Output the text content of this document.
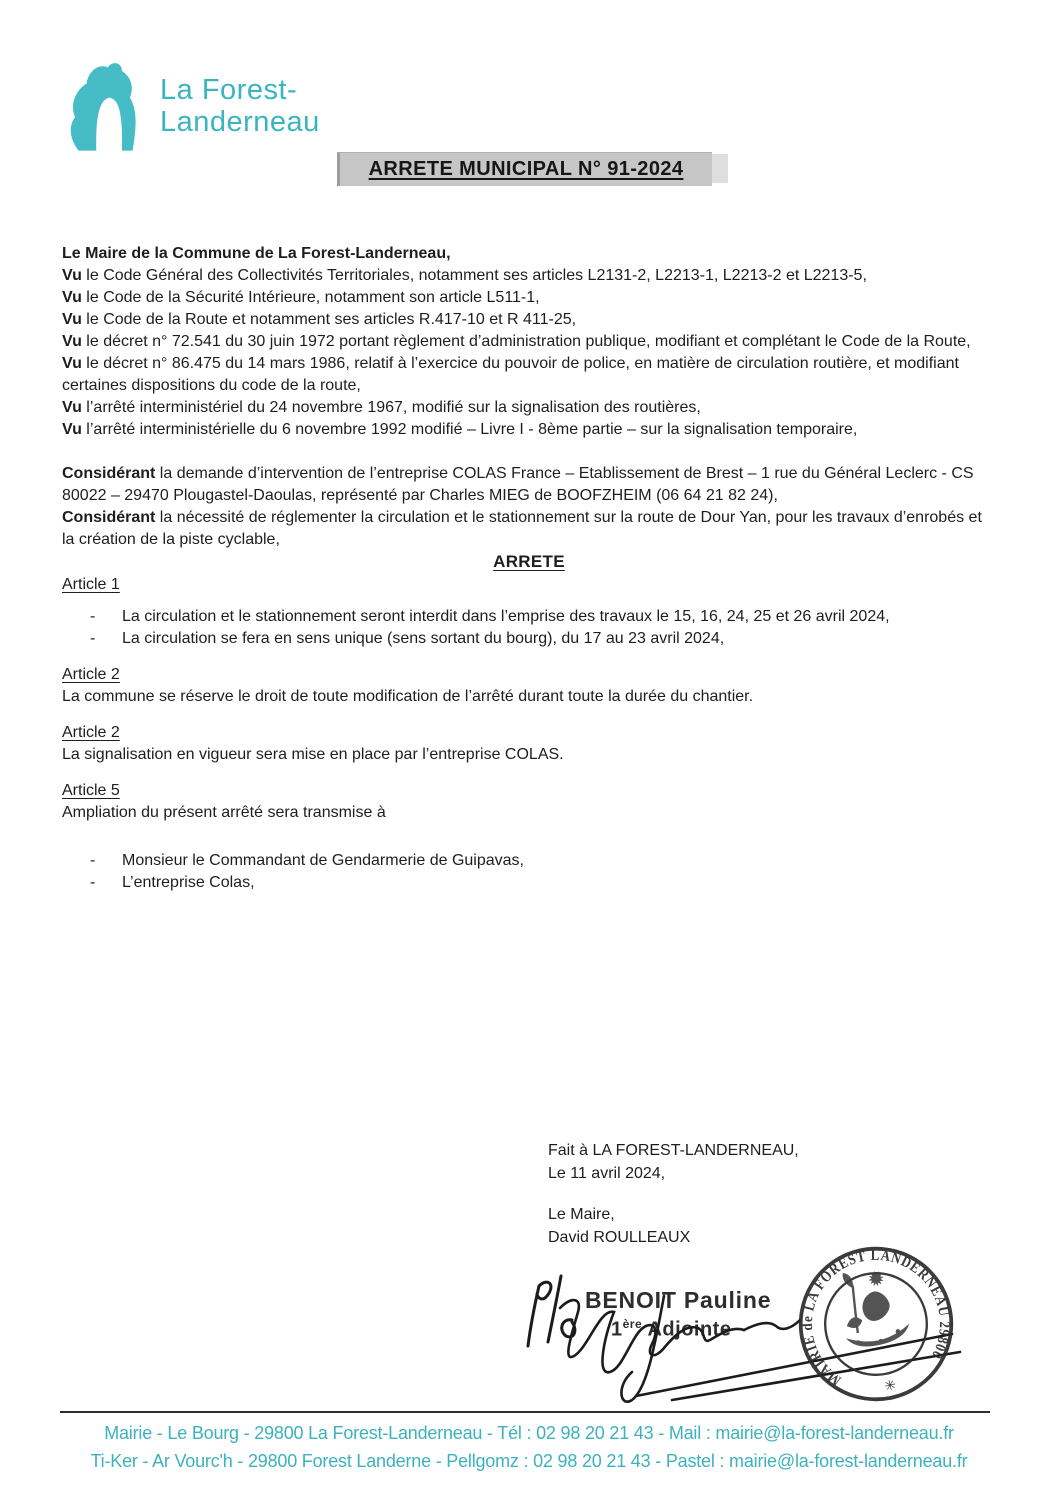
La Forest-
Landerneau
ARRETE MUNICIPAL N° 91-2024

Le Maire de la Commune de La Forest-Landerneau,

Vu le Code Général des Collectivités Territoriales, notamment ses articles L2131-2, L2213-1, L2213-2 et L2213-5,

Vu le Code de la Sécurité Intérieure, notamment son article L511-1,

Vu le Code de la Route et notamment ses articles R.417-10 et R 411-25,

Vu le décret n° 72.541 du 30 juin 1972 portant règlement d’administration publique, modifiant et complétant le Code de la Route,

Vu le décret n° 86.475 du 14 mars 1986, relatif à l’exercice du pouvoir de police, en matière de circulation routière, et modifiant certaines dispositions du code de la route,

Vu l’arrêté interministériel du 24 novembre 1967, modifié sur la signalisation des routières,

Vu l’arrêté interministérielle du 6 novembre 1992 modifié – Livre I - 8ème partie – sur la signalisation temporaire,

Considérant la demande d’intervention de l’entreprise COLAS France – Etablissement de Brest – 1 rue du Général Leclerc - CS 80022 – 29470 Plougastel-Daoulas, représenté par Charles MIEG de BOOFZHEIM (06 64 21 82 24),

Considérant la nécessité de réglementer la circulation et le stationnement sur la route de Dour Yan, pour les travaux d’enrobés et la création de la piste cyclable,

ARRETE

Article 1

-	La circulation et le stationnement seront interdit dans l’emprise des travaux le 15, 16, 24, 25 et 26 avril 2024,
-	La circulation se fera en sens unique (sens sortant du bourg), du 17 au 23 avril 2024,

Article 2

La commune se réserve le droit de toute modification de l’arrêté durant toute la durée du chantier.

Article 2

La signalisation en vigueur sera mise en place par l’entreprise COLAS.

Article 5

Ampliation du présent arrêté sera transmise à

-	Monsieur le Commandant de Gendarmerie de Guipavas,
-	L’entreprise Colas,
Fait à LA FOREST-LANDERNEAU,
Le 11 avril 2024,
Le Maire,
David ROULLEAUX
BENOIT Pauline
1ère Adjointe
MAIRIE de LA FOREST LANDERNEAU 29800
✳
✹
Mairie - Le Bourg - 29800 La Forest-Landerneau - Tél : 02 98 20 21 43 - Mail : mairie@la-forest-landerneau.fr
Ti-Ker - Ar Vourc'h - 29800 Forest Landerne - Pellgomz : 02 98 20 21 43 - Pastel : mairie@la-forest-landerneau.fr
